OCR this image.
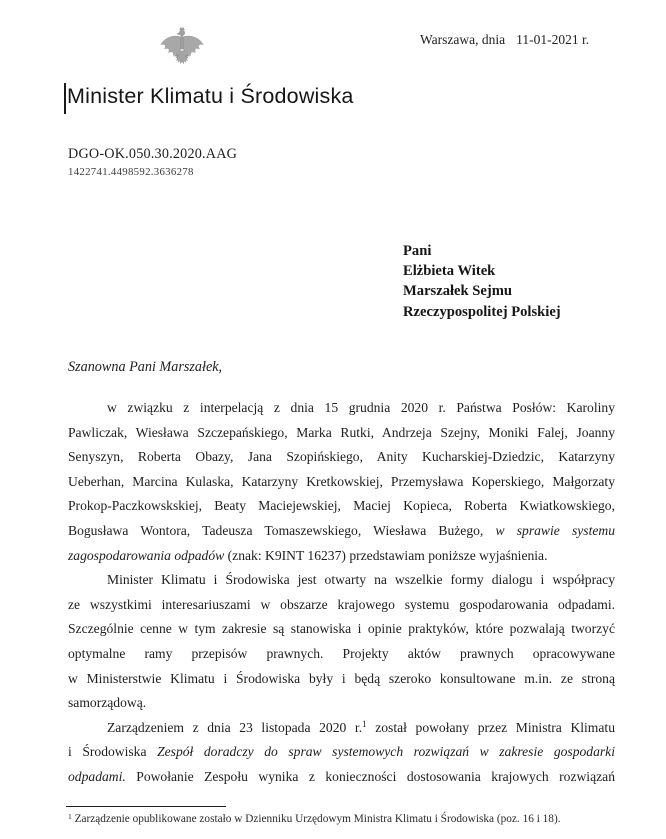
Warszawa, dnia 11-01-2021 r.
Minister Klimatu i Środowiska
DGO-OK.050.30.2020.AAG
1422741.4498592.3636278
Pani
Elżbieta Witek
Marszałek Sejmu
Rzeczypospolitej Polskiej
Szanowna Pani Marszałek,
w związku z interpelacją z dnia 15 grudnia 2020 r. Państwa Posłów: Karoliny
Pawliczak, Wiesława Szczepańskiego, Marka Rutki, Andrzeja Szejny, Moniki Falej, Joanny
Senyszyn, Roberta Obazy, Jana Szopińskiego, Anity Kucharskiej-Dziedzic, Katarzyny
Ueberhan, Marcina Kulaska, Katarzyny Kretkowskiej, Przemysława Koperskiego, Małgorzaty
Prokop-Paczkowskskiej, Beaty Maciejewskiej, Maciej Kopieca, Roberta Kwiatkowskiego,
Bogusława Wontora, Tadeusza Tomaszewskiego, Wiesława Bużego, w sprawie systemu
zagospodarowania odpadów (znak: K9INT 16237) przedstawiam poniższe wyjaśnienia.
Minister Klimatu i Środowiska jest otwarty na wszelkie formy dialogu i współpracy
ze wszystkimi interesariuszami w obszarze krajowego systemu gospodarowania odpadami.
Szczególnie cenne w tym zakresie są stanowiska i opinie praktyków, które pozwalają tworzyć
optymalne ramy przepisów prawnych. Projekty aktów prawnych opracowywane
w Ministerstwie Klimatu i Środowiska były i będą szeroko konsultowane m.in. ze stroną
samorządową.
Zarządzeniem z dnia 23 listopada 2020 r.$^1$ został powołany przez Ministra Klimatu
i Środowiska Zespół doradczy do spraw systemowych rozwiązań w zakresie gospodarki
odpadami. Powołanie Zespołu wynika z konieczności dostosowania krajowych rozwiązań
$^1$ Zarządzenie opublikowane zostało w Dzienniku Urzędowym Ministra Klimatu i Środowiska (poz. 16 i 18).
